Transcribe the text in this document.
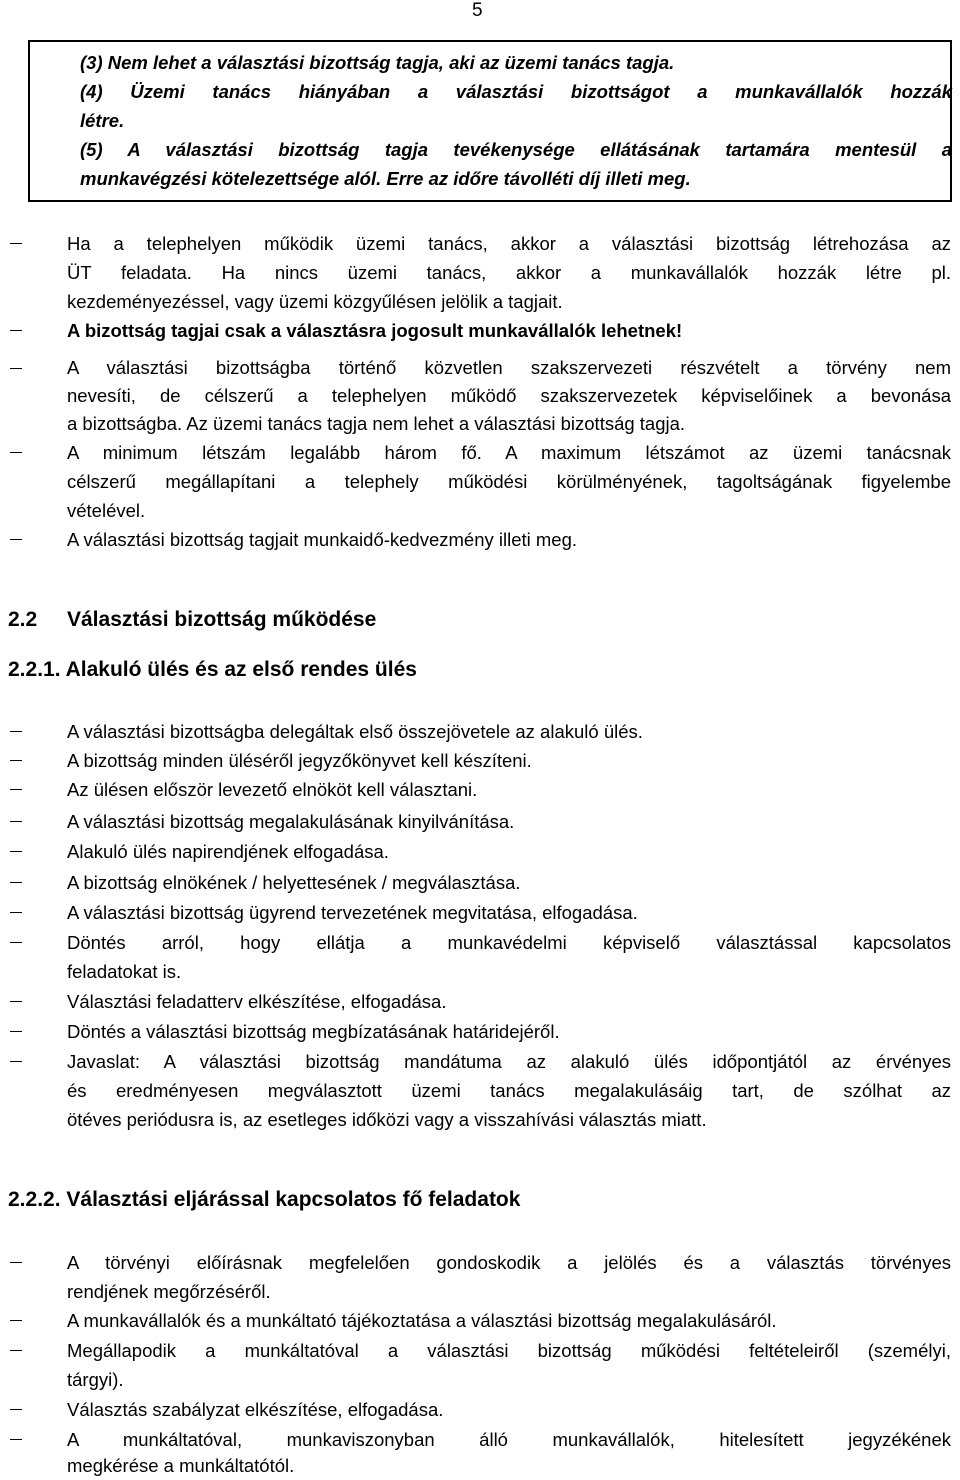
5
(3) Nem lehet a választási bizottság tagja, aki az üzemi tanács tagja.
(4) Üzemi tanács hiányában a választási bizottságot a munkavállalók hozzák
létre.
(5) A választási bizottság tagja tevékenysége ellátásának tartamára mentesül a
munkavégzési kötelezettsége alól. Erre az időre távolléti díj illeti meg.
Ha a telephelyen működik üzemi tanács, akkor a választási bizottság létrehozása az
ÜT feladata. Ha nincs üzemi tanács, akkor a munkavállalók hozzák létre pl.
kezdeményezéssel, vagy üzemi közgyűlésen jelölik a tagjait.
A bizottság tagjai csak a választásra jogosult munkavállalók lehetnek!
A választási bizottságba történő közvetlen szakszervezeti részvételt a törvény nem
nevesíti, de célszerű a telephelyen működő szakszervezetek képviselőinek a bevonása
a bizottságba. Az üzemi tanács tagja nem lehet a választási bizottság tagja.
A minimum létszám legalább három fő. A maximum létszámot az üzemi tanácsnak
célszerű megállapítani a telephely működési körülményének, tagoltságának figyelembe
vételével.
A választási bizottság tagjait munkaidő-kedvezmény illeti meg.
2.2 Választási bizottság működése
2.2.1. Alakuló ülés és az első rendes ülés
A választási bizottságba delegáltak első összejövetele az alakuló ülés.
A bizottság minden üléséről jegyzőkönyvet kell készíteni.
Az ülésen először levezető elnököt kell választani.
A választási bizottság megalakulásának kinyilvánítása.
Alakuló ülés napirendjének elfogadása.
A bizottság elnökének / helyettesének / megválasztása.
A választási bizottság ügyrend tervezetének megvitatása, elfogadása.
Döntés arról, hogy ellátja a munkavédelmi képviselő választással kapcsolatos
feladatokat is.
Választási feladatterv elkészítése, elfogadása.
Döntés a választási bizottság megbízatásának határidejéről.
Javaslat: A választási bizottság mandátuma az alakuló ülés időpontjától az érvényes
és eredményesen megválasztott üzemi tanács megalakulásáig tart, de szólhat az
ötéves periódusra is, az esetleges időközi vagy a visszahívási választás miatt.
2.2.2. Választási eljárással kapcsolatos fő feladatok
A törvényi előírásnak megfelelően gondoskodik a jelölés és a választás törvényes
rendjének megőrzéséről.
A munkavállalók és a munkáltató tájékoztatása a választási bizottság megalakulásáról.
Megállapodik a munkáltatóval a választási bizottság működési feltételeiről (személyi,
tárgyi).
Választás szabályzat elkészítése, elfogadása.
A munkáltatóval, munkaviszonyban álló munkavállalók, hitelesített jegyzékének
megkérése a munkáltatótól.
